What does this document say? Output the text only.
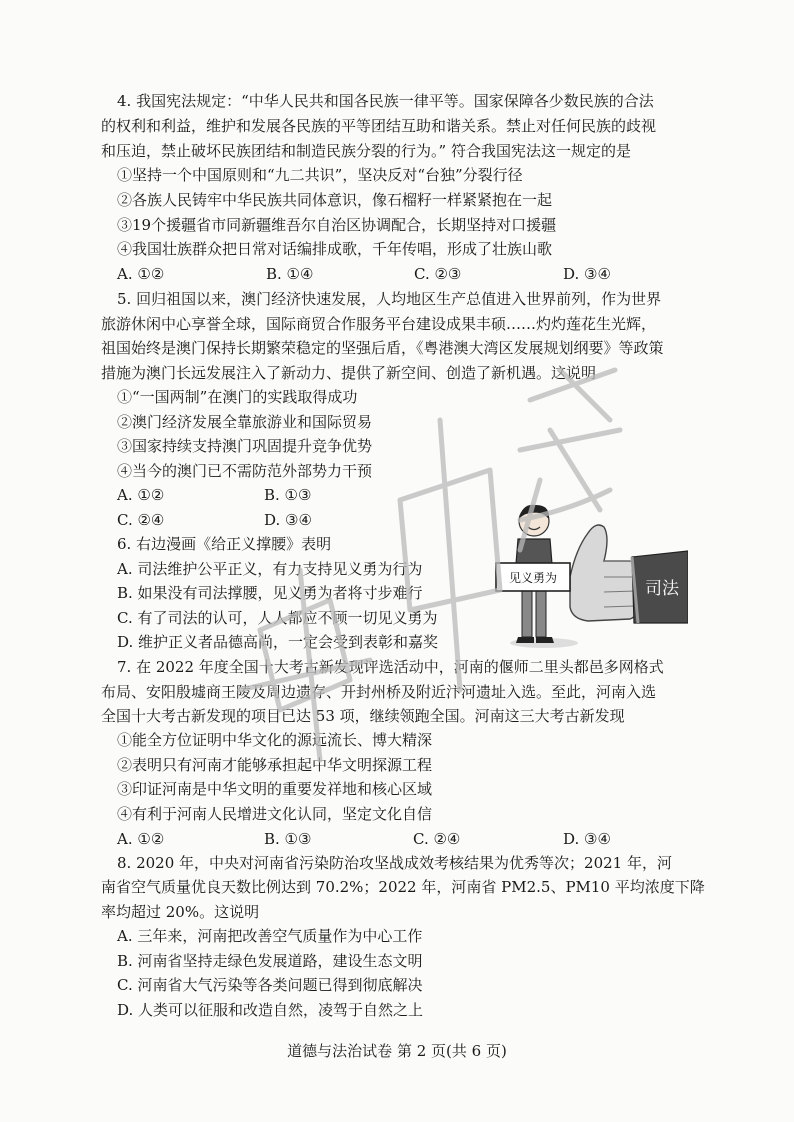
4. 我国宪法规定：“中华人民共和国各民族一律平等。国家保障各少数民族的合法
的权利和利益，维护和发展各民族的平等团结互助和谐关系。禁止对任何民族的歧视
和压迫，禁止破坏民族团结和制造民族分裂的行为。” 符合我国宪法这一规定的是
①坚持一个中国原则和“九二共识”，坚决反对“台独”分裂行径
②各族人民铸牢中华民族共同体意识，像石榴籽一样紧紧抱在一起
③19个援疆省市同新疆维吾尔自治区协调配合，长期坚持对口援疆
④我国壮族群众把日常对话编排成歌，千年传唱，形成了壮族山歌
A. ①②	B. ①④	C. ②③	D. ③④
5. 回归祖国以来，澳门经济快速发展，人均地区生产总值进入世界前列，作为世界
旅游休闲中心享誉全球，国际商贸合作服务平台建设成果丰硕……灼灼莲花生光辉，
祖国始终是澳门保持长期繁荣稳定的坚强后盾，《粤港澳大湾区发展规划纲要》等政策
措施为澳门长远发展注入了新动力、提供了新空间、创造了新机遇。这说明
①“一国两制”在澳门的实践取得成功
②澳门经济发展全靠旅游业和国际贸易
③国家持续支持澳门巩固提升竞争优势
④当今的澳门已不需防范外部势力干预
A. ①②	B. ①③
C. ②④	D. ③④
6. 右边漫画《给正义撑腰》表明
A. 司法维护公平正义，有力支持见义勇为行为
B. 如果没有司法撑腰，见义勇为者将寸步难行
C. 有了司法的认可，人人都应不顾一切见义勇为
D. 维护正义者品德高尚，一定会受到表彰和嘉奖
司法
见义勇为
7. 在 2022 年度全国十大考古新发现评选活动中，河南的偃师二里头都邑多网格式
布局、安阳殷墟商王陵及周边遗存、开封州桥及附近汴河遗址入选。至此，河南入选
全国十大考古新发现的项目已达 53 项，继续领跑全国。河南这三大考古新发现
①能全方位证明中华文化的源远流长、博大精深
②表明只有河南才能够承担起中华文明探源工程
③印证河南是中华文明的重要发祥地和核心区域
④有利于河南人民增进文化认同，坚定文化自信
A. ①②	B. ①③	C. ②④	D. ③④
8. 2020 年，中央对河南省污染防治攻坚战成效考核结果为优秀等次；2021 年，河
南省空气质量优良天数比例达到 70.2%；2022 年，河南省 PM2.5、PM10 平均浓度下降
率均超过 20%。这说明
A. 三年来，河南把改善空气质量作为中心工作
B. 河南省坚持走绿色发展道路，建设生态文明
C. 河南省大气污染等各类问题已得到彻底解决
D. 人类可以征服和改造自然，凌驾于自然之上
道德与法治试卷 第 2 页(共 6 页)
